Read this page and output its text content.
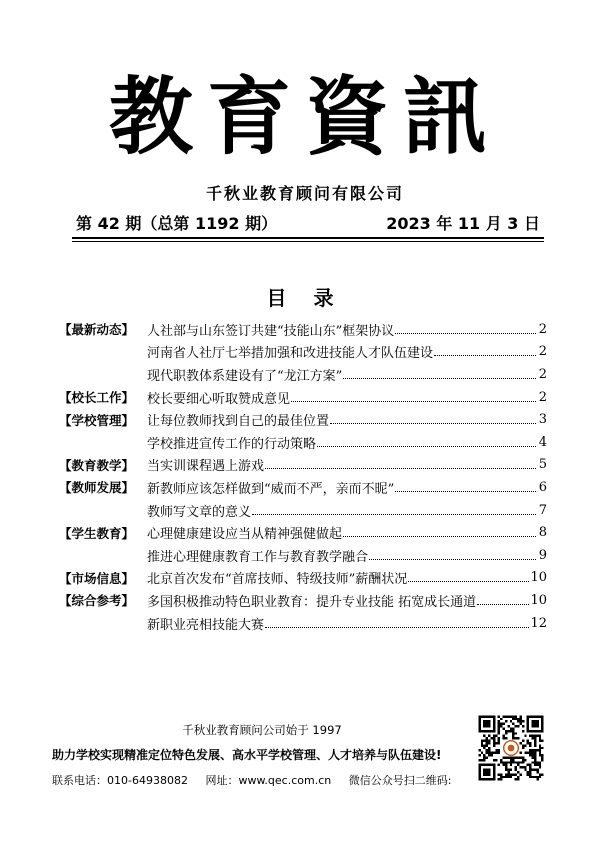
教育資訊
千秋业教育顾问有限公司
第 42 期（总第 1192 期）	2023 年 11 月 3 日
目 录
【最新动态】 人社部与山东签订共建“技能山东”框架协议	2
河南省人社厅七举措加强和改进技能人才队伍建设	2
现代职教体系建设有了“龙江方案”	2
【校长工作】 校长要细心听取赞成意见	2
【学校管理】 让每位教师找到自己的最佳位置	3
学校推进宣传工作的行动策略	4
【教育教学】 当实训课程遇上游戏	5
【教师发展】 新教师应该怎样做到“威而不严，亲而不昵”	6
教师写文章的意义	7
【学生教育】 心理健康建设应当从精神强健做起	8
推进心理健康教育工作与教育教学融合	9
【市场信息】 北京首次发布“首席技师、特级技师”薪酬状况	10
【综合参考】 多国积极推动特色职业教育：提升专业技能 拓宽成长通道	10
新职业亮相技能大赛	12
千秋业教育顾问公司始于 1997
助力学校实现精准定位特色发展、高水平学校管理、人才培养与队伍建设!
联系电话：010-64938082 网址：www.qec.com.cn 微信公众号扫二维码:
